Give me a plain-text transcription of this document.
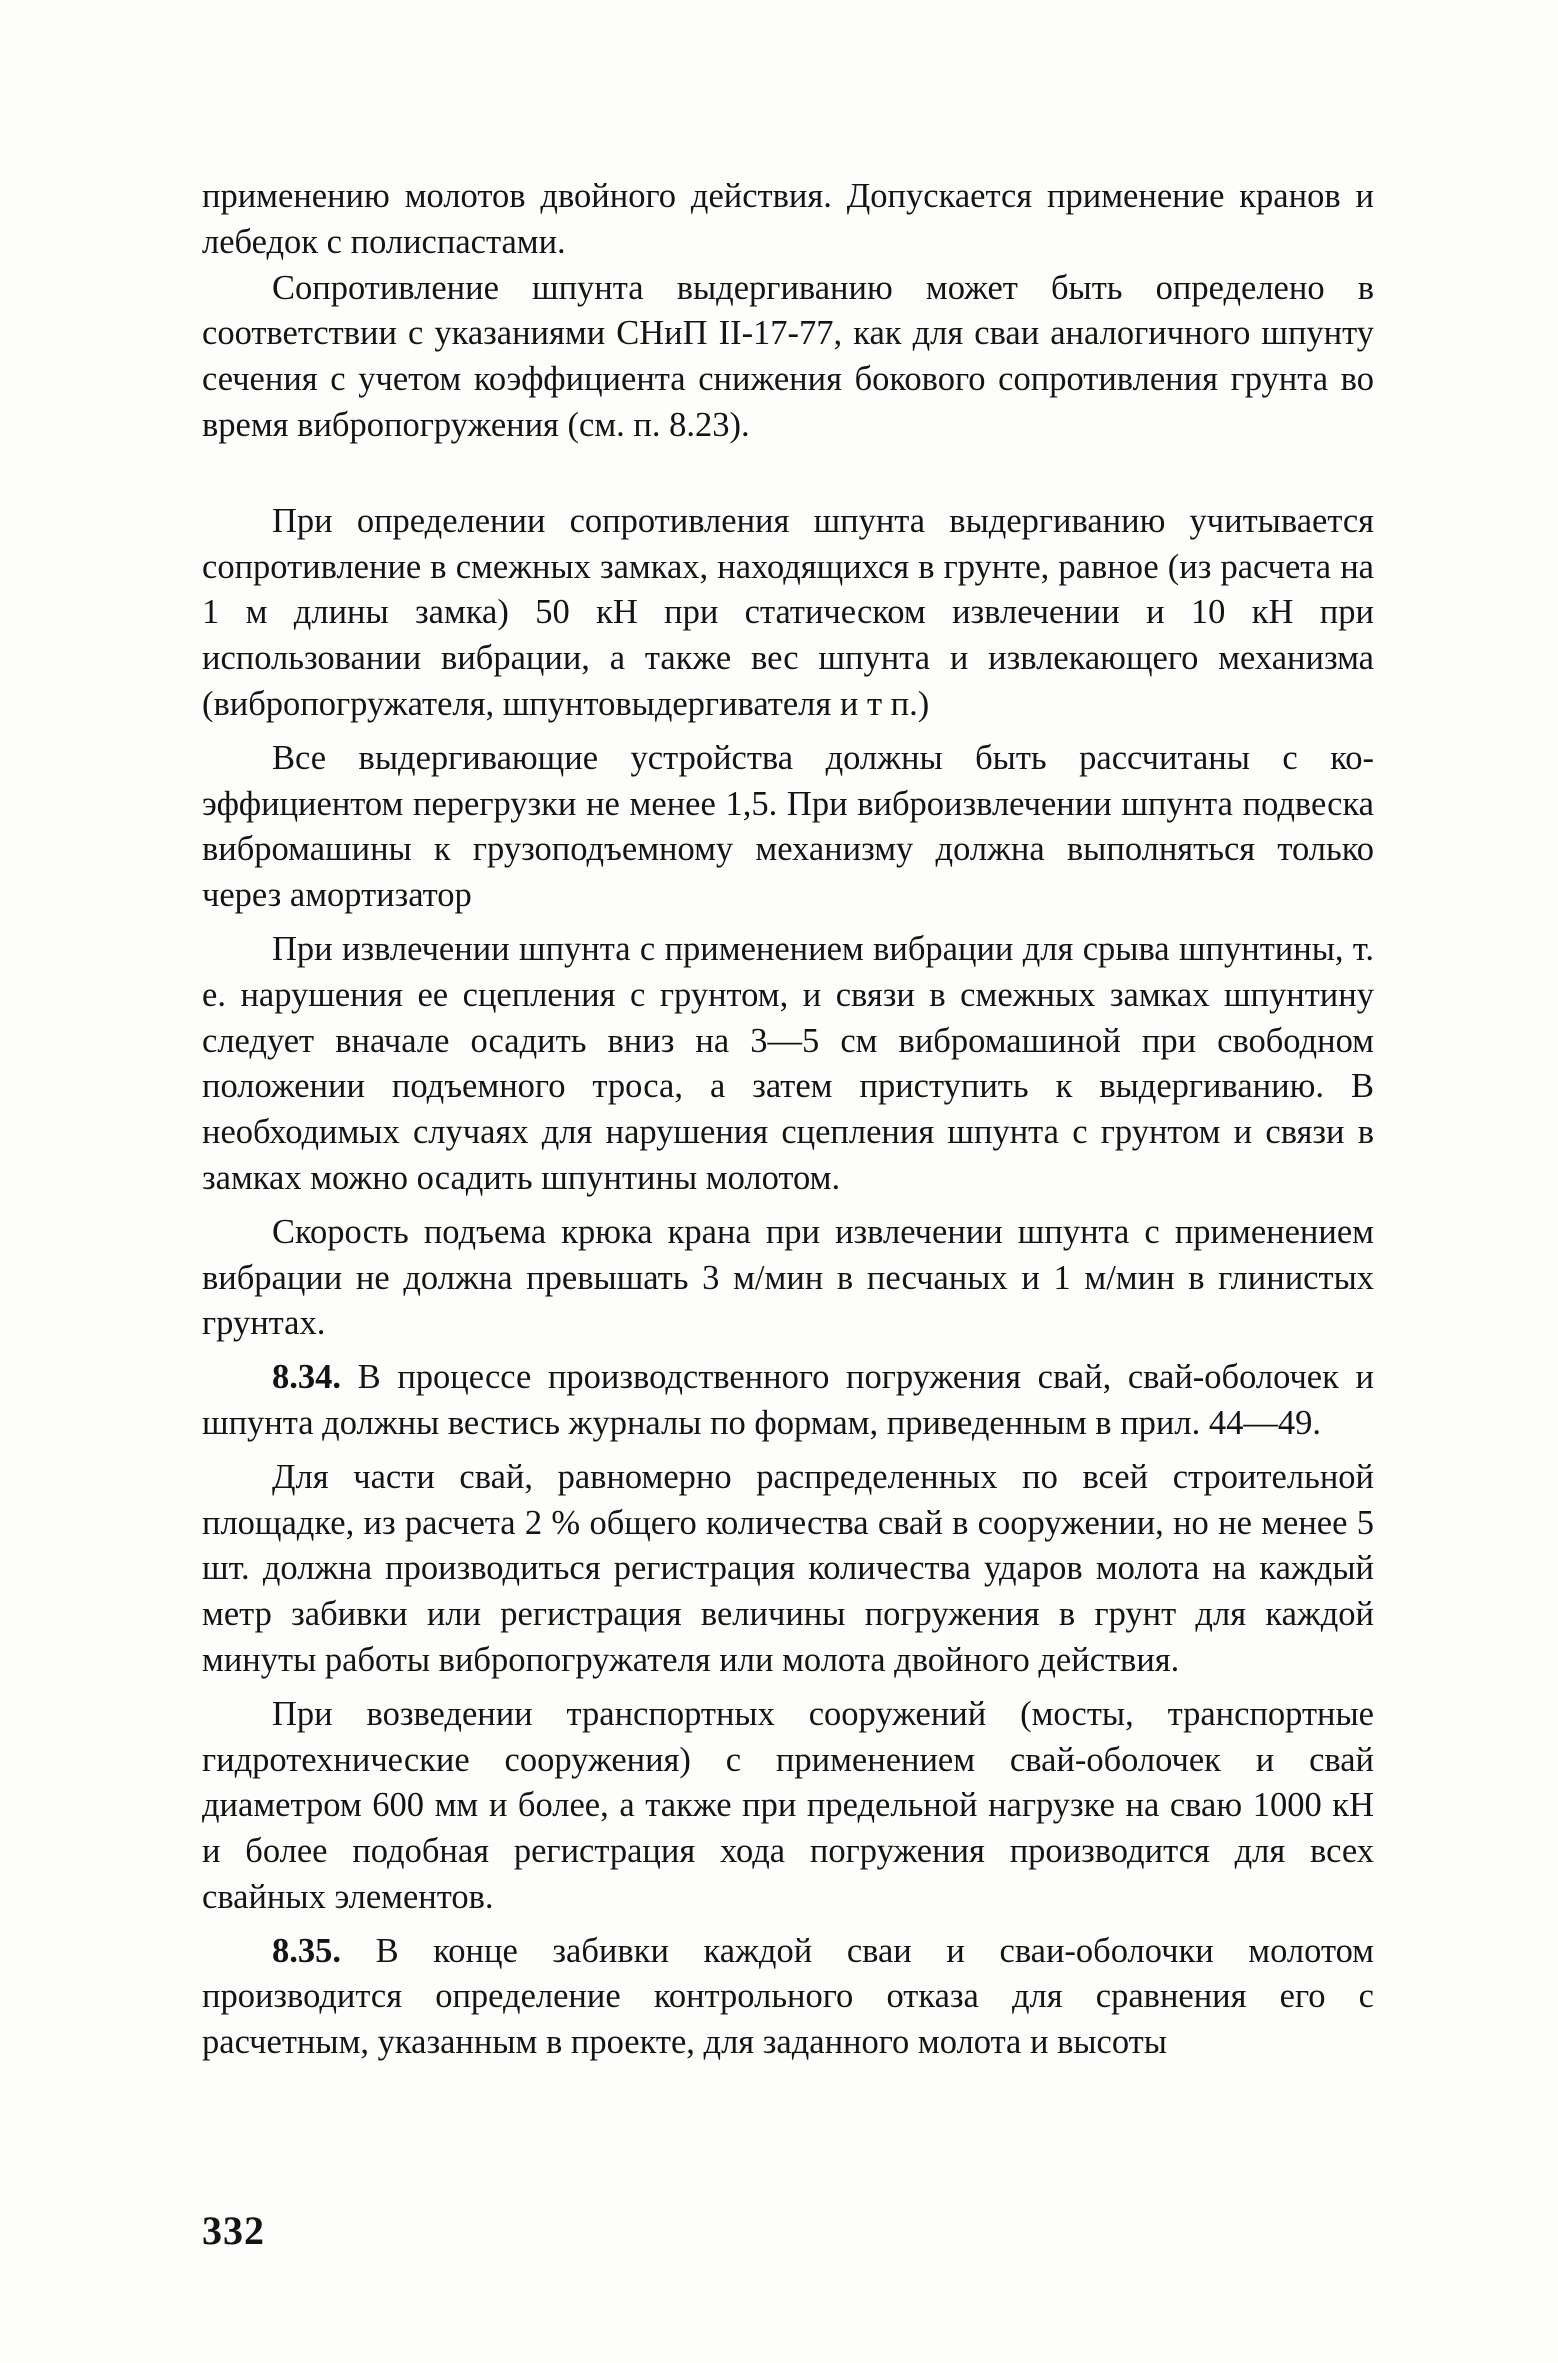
применению молотов двойного действия. Допускается применение кранов и лебедок с полиспастами.

Сопротивление шпунта выдергиванию может быть определено в соответствии с указаниями СНиП II-17-77, как для сваи аналогичного шпунту сечения с учетом коэффициента снижения бокового сопротивления грунта во время вибропогружения (см. п. 8.23).

При определении сопротивления шпунта выдергиванию учитывается сопротивление в смежных замках, находящихся в грунте, равное (из расчета на 1 м длины замка) 50 кН при статическом извлечении и 10 кН при использовании вибрации, а также вес шпунта и извлекающего механизма (вибропогружателя, шпунтовыдергивателя и т п.)

Все выдергивающие устройства должны быть рассчитаны с коэффициентом перегрузки не менее 1,5. При виброизвлечении шпунта подвеска вибромашины к грузоподъемному механизму должна выполняться только через амортизатор

При извлечении шпунта с применением вибрации для срыва шпунтины, т. е. нарушения ее сцепления с грунтом, и связи в смежных замках шпунтину следует вначале осадить вниз на 3—5 см вибромашиной при свободном положении подъемного троса, а затем приступить к выдергиванию. В необходимых случаях для нарушения сцепления шпунта с грунтом и связи в замках можно осадить шпунтины молотом.

Скорость подъема крюка крана при извлечении шпунта с применением вибрации не должна превышать 3 м/мин в песчаных и 1 м/мин в глинистых грунтах.

8.34. В процессе производственного погружения свай, свай-оболочек и шпунта должны вестись журналы по формам, приведенным в прил. 44—49.

Для части свай, равномерно распределенных по всей строительной площадке, из расчета 2 % общего количества свай в сооружении, но не менее 5 шт. должна производиться регистрация количества ударов молота на каждый метр забивки или регистрация величины погружения в грунт для каждой минуты работы вибропогружателя или молота двойного действия.

При возведении транспортных сооружений (мосты, транспортные гидротехнические сооружения) с применением свай-оболочек и свай диаметром 600 мм и более, а также при предельной нагрузке на сваю 1000 кН и более подобная регистрация хода погружения производится для всех свайных элементов.

8.35. В конце забивки каждой сваи и сваи-оболочки молотом производится определение контрольного отказа для сравнения его с расчетным, указанным в проекте, для заданного молота и высоты

332
